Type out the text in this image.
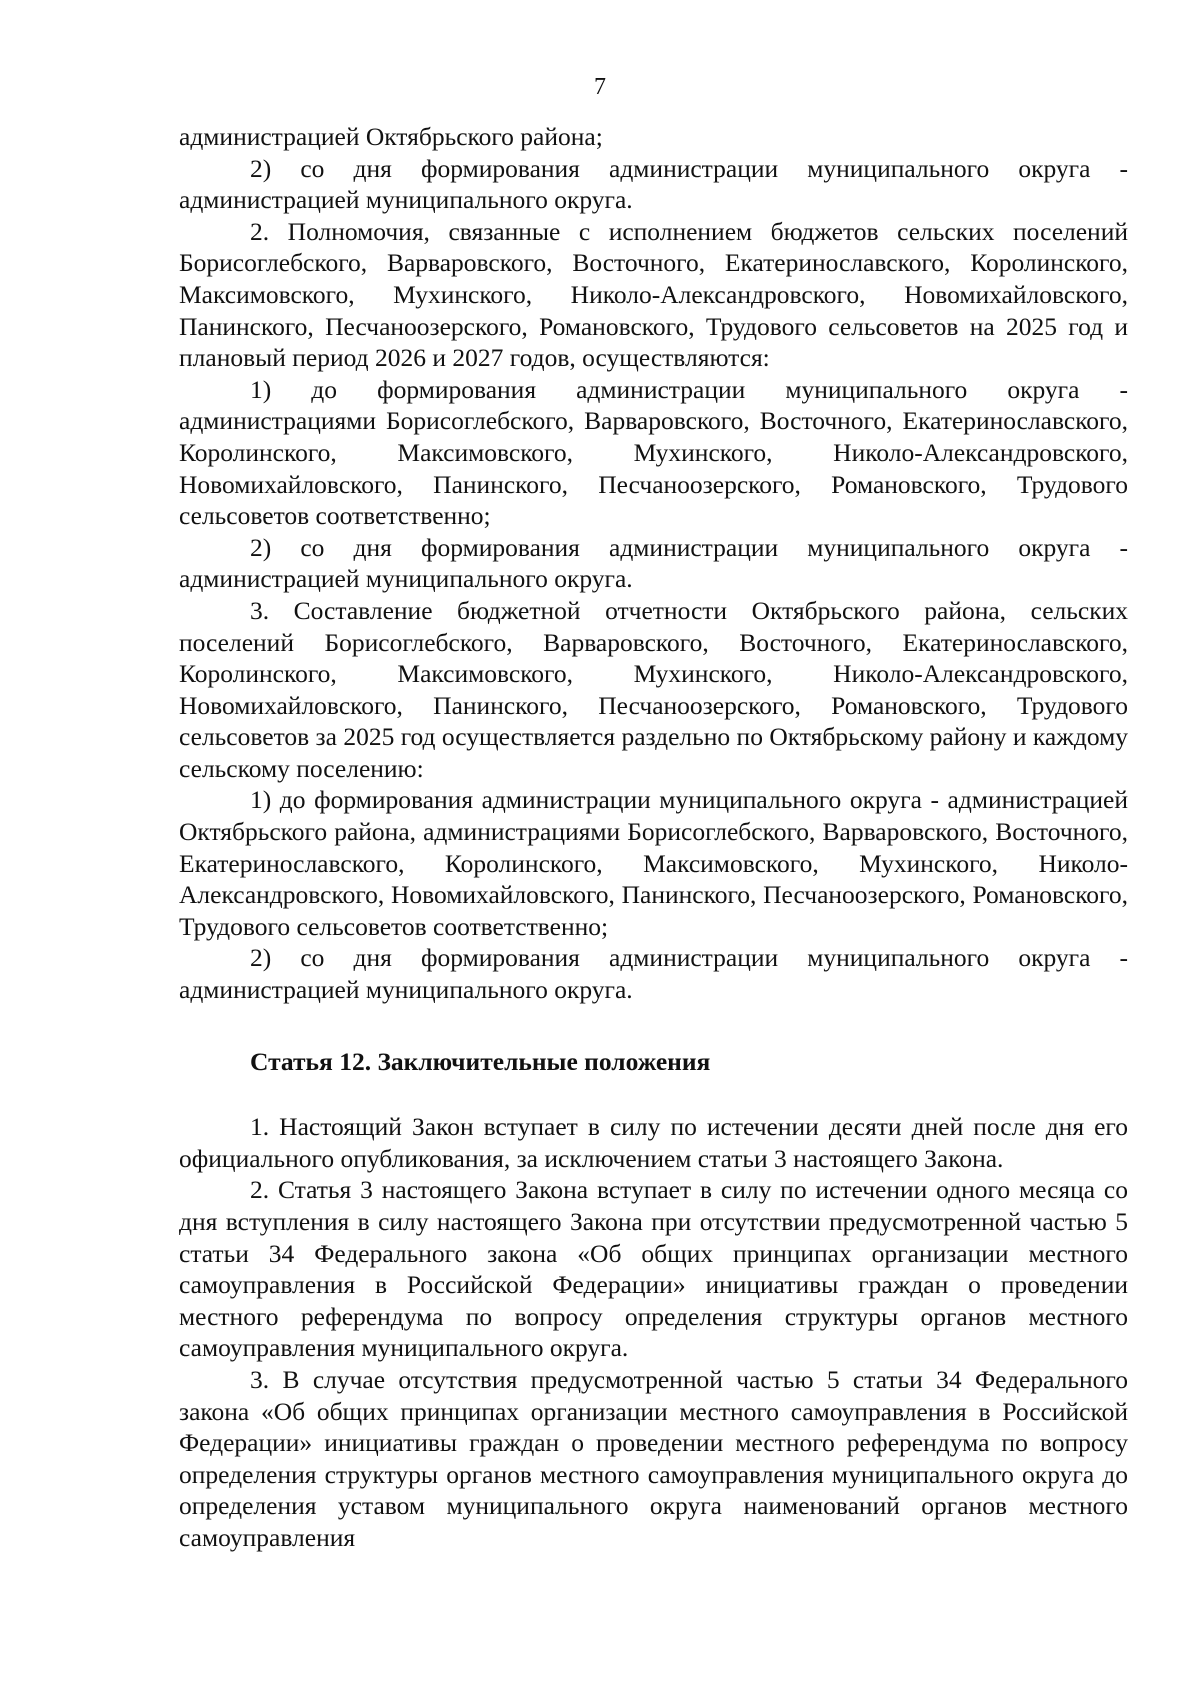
7

администрацией Октябрьского района;

2) со дня формирования администрации муниципального округа - администрацией муниципального округа.

2. Полномочия, связанные с исполнением бюджетов сельских поселений Борисоглебского, Варваровского, Восточного, Екатеринославского, Королинского, Максимовского, Мухинского, Николо-Александровского, Новомихайловского, Панинского, Песчаноозерского, Романовского, Трудового сельсоветов на 2025 год и плановый период 2026 и 2027 годов, осуществляются:

1) до формирования администрации муниципального округа - администрациями Борисоглебского, Варваровского, Восточного, Екатеринославского, Королинского, Максимовского, Мухинского, Николо-Александровского, Новомихайловского, Панинского, Песчаноозерского, Романовского, Трудового сельсоветов соответственно;

2) со дня формирования администрации муниципального округа - администрацией муниципального округа.

3. Составление бюджетной отчетности Октябрьского района, сельских поселений Борисоглебского, Варваровского, Восточного, Екатеринославского, Королинского, Максимовского, Мухинского, Николо-Александровского, Новомихайловского, Панинского, Песчаноозерского, Романовского, Трудового сельсоветов за 2025 год осуществляется раздельно по Октябрьскому району и каждому сельскому поселению:

1) до формирования администрации муниципального округа - администрацией Октябрьского района, администрациями Борисоглебского, Варваровского, Восточного, Екатеринославского, Королинского, Максимовского, Мухинского, Николо-Александровского, Новомихайловского, Панинского, Песчаноозерского, Романовского, Трудового сельсоветов соответственно;

2) со дня формирования администрации муниципального округа - администрацией муниципального округа.

Статья 12. Заключительные положения

1. Настоящий Закон вступает в силу по истечении десяти дней после дня его официального опубликования, за исключением статьи 3 настоящего Закона.

2. Статья 3 настоящего Закона вступает в силу по истечении одного месяца со дня вступления в силу настоящего Закона при отсутствии предусмотренной частью 5 статьи 34 Федерального закона «Об общих принципах организации местного самоуправления в Российской Федерации» инициативы граждан о проведении местного референдума по вопросу определения структуры органов местного самоуправления муниципального округа.

3. В случае отсутствия предусмотренной частью 5 статьи 34 Федерального закона «Об общих принципах организации местного самоуправления в Российской Федерации» инициативы граждан о проведении местного референдума по вопросу определения структуры органов местного самоуправления муниципального округа до определения уставом муниципального округа наименований органов местного самоуправления
